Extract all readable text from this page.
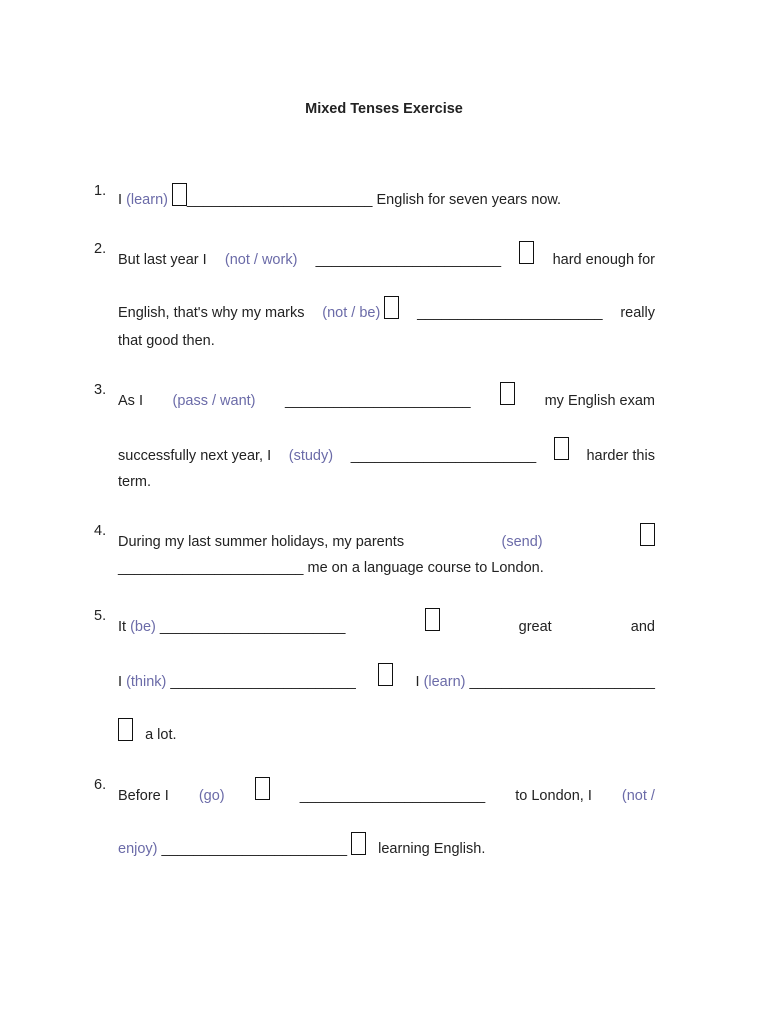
Mixed Tenses Exercise
1.
I (learn) _______________________ English for seven years now.
2.
But last year I (not / work) _______________________	hard enough for
English, that's why my marks (not / be)	_______________________ really
that good then.
3.
As I (pass / want) _______________________	my English exam
successfully next year, I (study) _______________________	harder this
term.
4.
During my last summer holidays, my parents	(send)
_______________________ me on a language course to London.
5.
It (be) _______________________	great	and
I (think) _______________________	I (learn) _______________________
a lot.
6.
Before I (go)	_______________________ to London, I (not /
enjoy) _______________________ learning English.
